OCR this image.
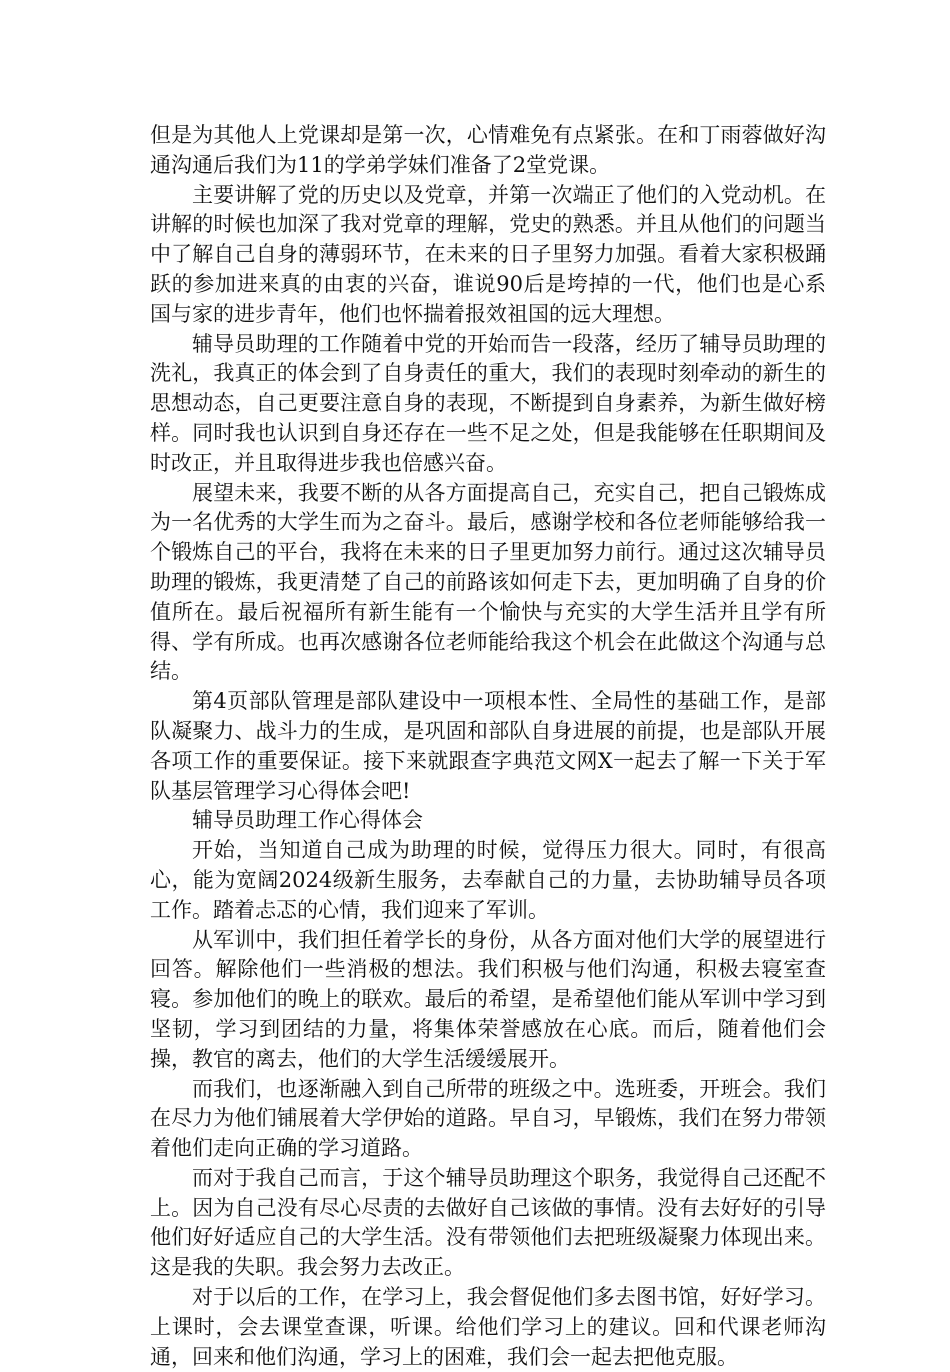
但是为其他人上党课却是第一次，心情难免有点紧张。在和丁雨蓉做好沟通沟通后我们为11的学弟学妹们准备了2堂党课。

主要讲解了党的历史以及党章，并第一次端正了他们的入党动机。在讲解的时候也加深了我对党章的理解，党史的熟悉。并且从他们的问题当中了解自己自身的薄弱环节，在未来的日子里努力加强。看着大家积极踊跃的参加进来真的由衷的兴奋，谁说90后是垮掉的一代，他们也是心系国与家的进步青年，他们也怀揣着报效祖国的远大理想。

辅导员助理的工作随着中党的开始而告一段落，经历了辅导员助理的洗礼，我真正的体会到了自身责任的重大，我们的表现时刻牵动的新生的思想动态，自己更要注意自身的表现，不断提到自身素养，为新生做好榜样。同时我也认识到自身还存在一些不足之处，但是我能够在任职期间及时改正，并且取得进步我也倍感兴奋。

展望未来，我要不断的从各方面提高自己，充实自己，把自己锻炼成为一名优秀的大学生而为之奋斗。最后，感谢学校和各位老师能够给我一个锻炼自己的平台，我将在未来的日子里更加努力前行。通过这次辅导员助理的锻炼，我更清楚了自己的前路该如何走下去，更加明确了自身的价值所在。最后祝福所有新生能有一个愉快与充实的大学生活并且学有所得、学有所成。也再次感谢各位老师能给我这个机会在此做这个沟通与总结。

第4页部队管理是部队建设中一项根本性、全局性的基础工作，是部队凝聚力、战斗力的生成，是巩固和部队自身进展的前提，也是部队开展各项工作的重要保证。接下来就跟查字典范文网X一起去了解一下关于军队基层管理学习心得体会吧!

辅导员助理工作心得体会

开始，当知道自己成为助理的时候，觉得压力很大。同时，有很高心，能为宽阔2024级新生服务，去奉献自己的力量，去协助辅导员各项工作。踏着忐忑的心情，我们迎来了军训。

从军训中，我们担任着学长的身份，从各方面对他们大学的展望进行回答。解除他们一些消极的想法。我们积极与他们沟通，积极去寝室查寝。参加他们的晚上的联欢。最后的希望，是希望他们能从军训中学习到坚韧，学习到团结的力量，将集体荣誉感放在心底。而后，随着他们会操，教官的离去，他们的大学生活缓缓展开。

而我们，也逐渐融入到自己所带的班级之中。选班委，开班会。我们在尽力为他们铺展着大学伊始的道路。早自习，早锻炼，我们在努力带领着他们走向正确的学习道路。

而对于我自己而言，于这个辅导员助理这个职务，我觉得自己还配不上。因为自己没有尽心尽责的去做好自己该做的事情。没有去好好的引导他们好好适应自己的大学生活。没有带领他们去把班级凝聚力体现出来。这是我的失职。我会努力去改正。

对于以后的工作，在学习上，我会督促他们多去图书馆，好好学习。上课时，会去课堂查课，听课。给他们学习上的建议。回和代课老师沟通，回来和他们沟通，学习上的困难，我们会一起去把他克服。
